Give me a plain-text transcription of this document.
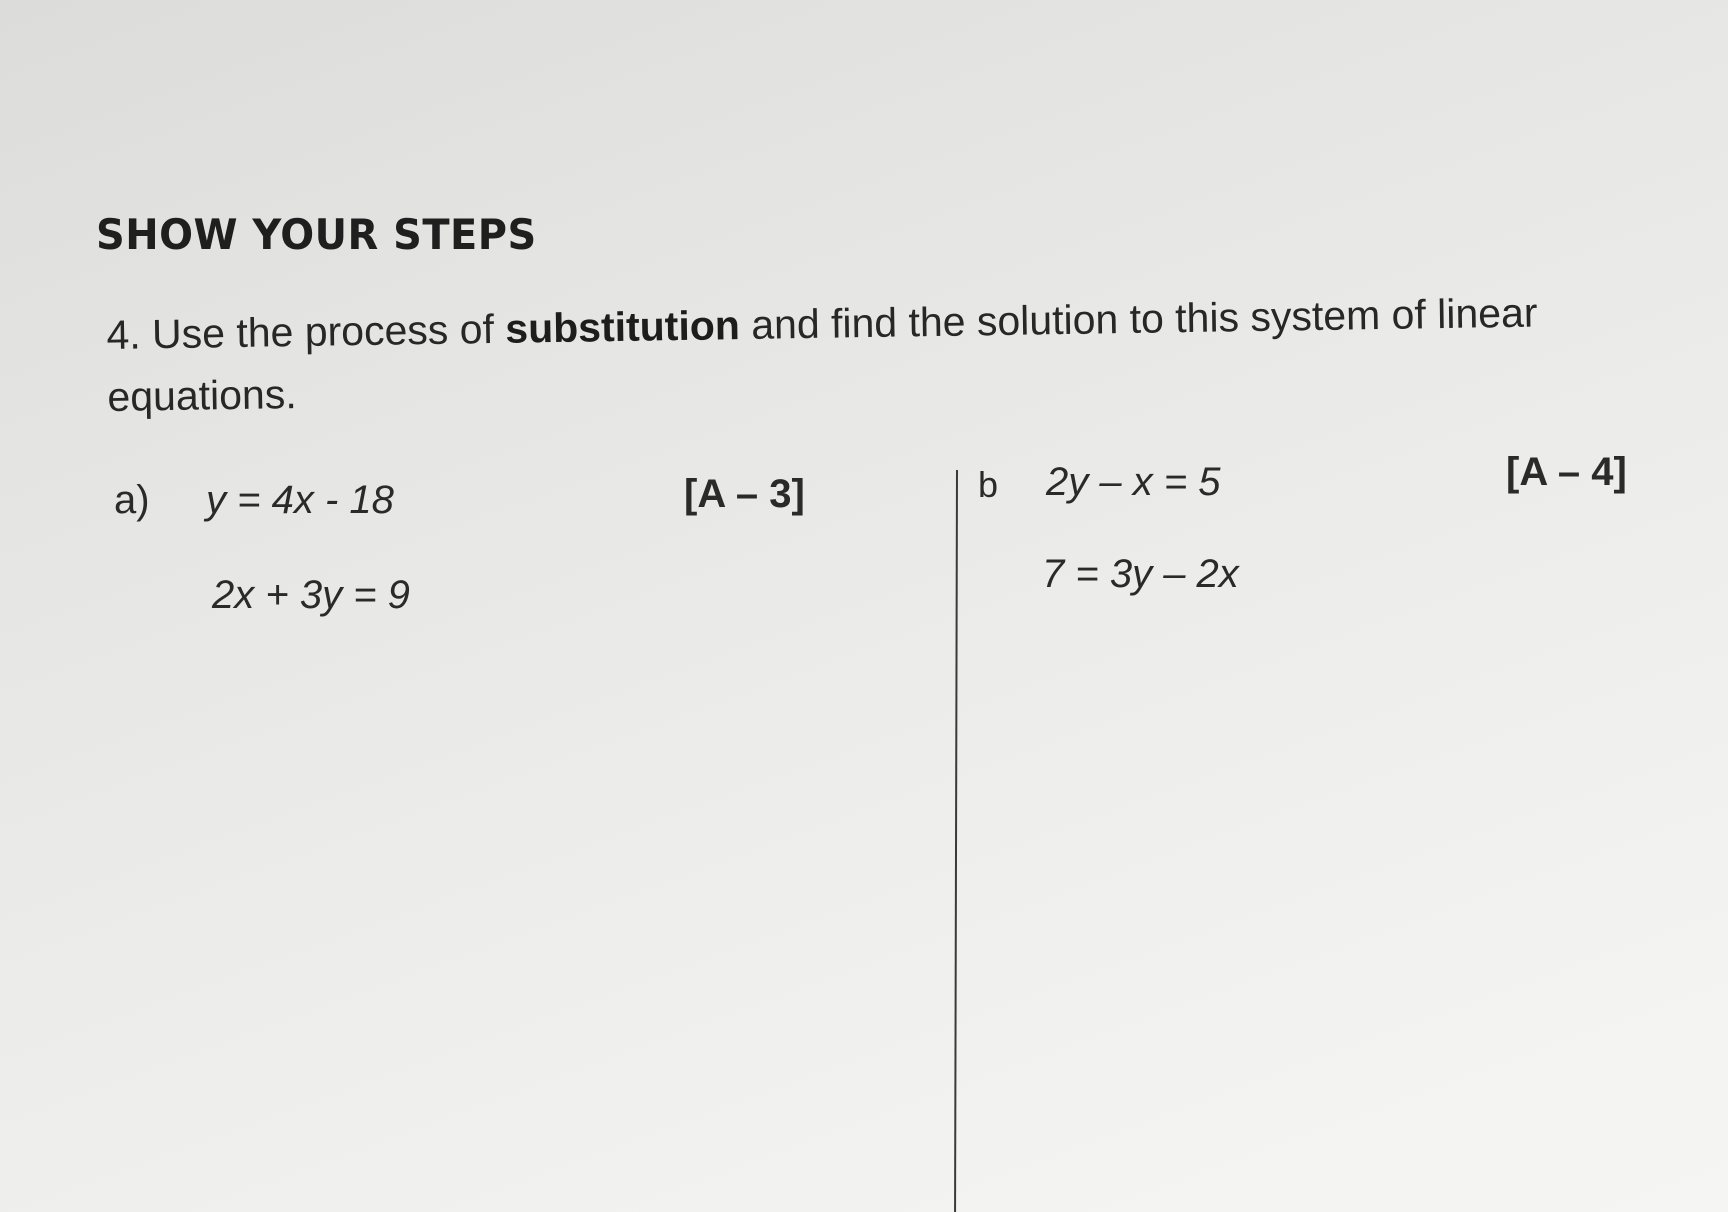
SHOW YOUR STEPS
4. Use the process of substitution and find the solution to this system of linear equations.
a) y = 4x - 18
2x + 3y = 9
[A – 3]	b 2y – x = 5
7 = 3y – 2x
[A – 4]
